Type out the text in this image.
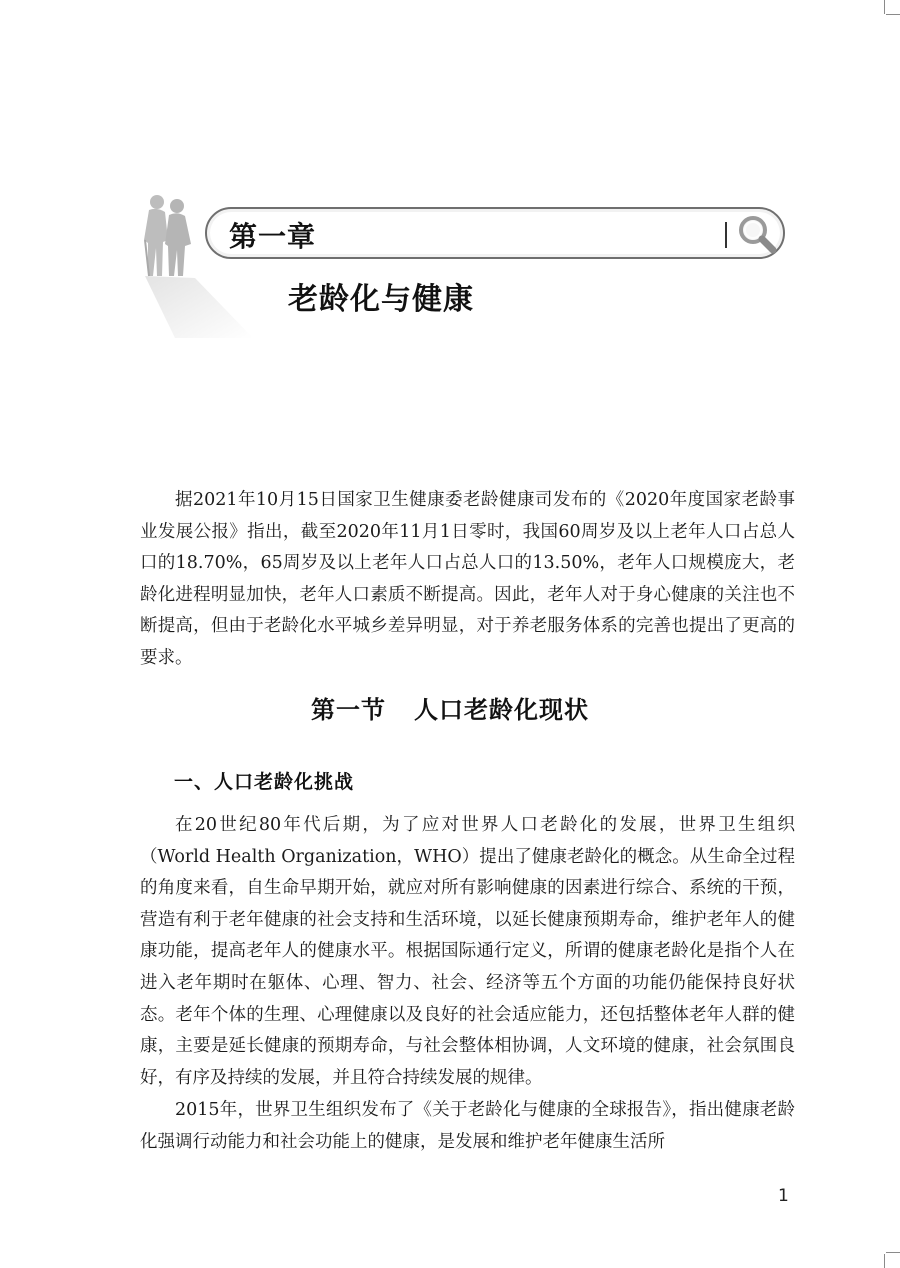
第一章
老龄化与健康

据2021年10月15日国家卫生健康委老龄健康司发布的《2020年度国家老龄事业发展公报》指出，截至2020年11月1日零时，我国60周岁及以上老年人口占总人口的18.70%，65周岁及以上老年人口占总人口的13.50%，老年人口规模庞大，老龄化进程明显加快，老年人口素质不断提高。因此，老年人对于身心健康的关注也不断提高，但由于老龄化水平城乡差异明显，对于养老服务体系的完善也提出了更高的要求。

第一节 人口老龄化现状
一、人口老龄化挑战

在20世纪80年代后期，为了应对世界人口老龄化的发展，世界卫生组织（World Health Organization，WHO）提出了健康老龄化的概念。从生命全过程的角度来看，自生命早期开始，就应对所有影响健康的因素进行综合、系统的干预，营造有利于老年健康的社会支持和生活环境，以延长健康预期寿命，维护老年人的健康功能，提高老年人的健康水平。根据国际通行定义，所谓的健康老龄化是指个人在进入老年期时在躯体、心理、智力、社会、经济等五个方面的功能仍能保持良好状态。老年个体的生理、心理健康以及良好的社会适应能力，还包括整体老年人群的健康，主要是延长健康的预期寿命，与社会整体相协调，人文环境的健康，社会氛围良好，有序及持续的发展，并且符合持续发展的规律。

2015年，世界卫生组织发布了《关于老龄化与健康的全球报告》，指出健康老龄化强调行动能力和社会功能上的健康，是发展和维护老年健康生活所

1
